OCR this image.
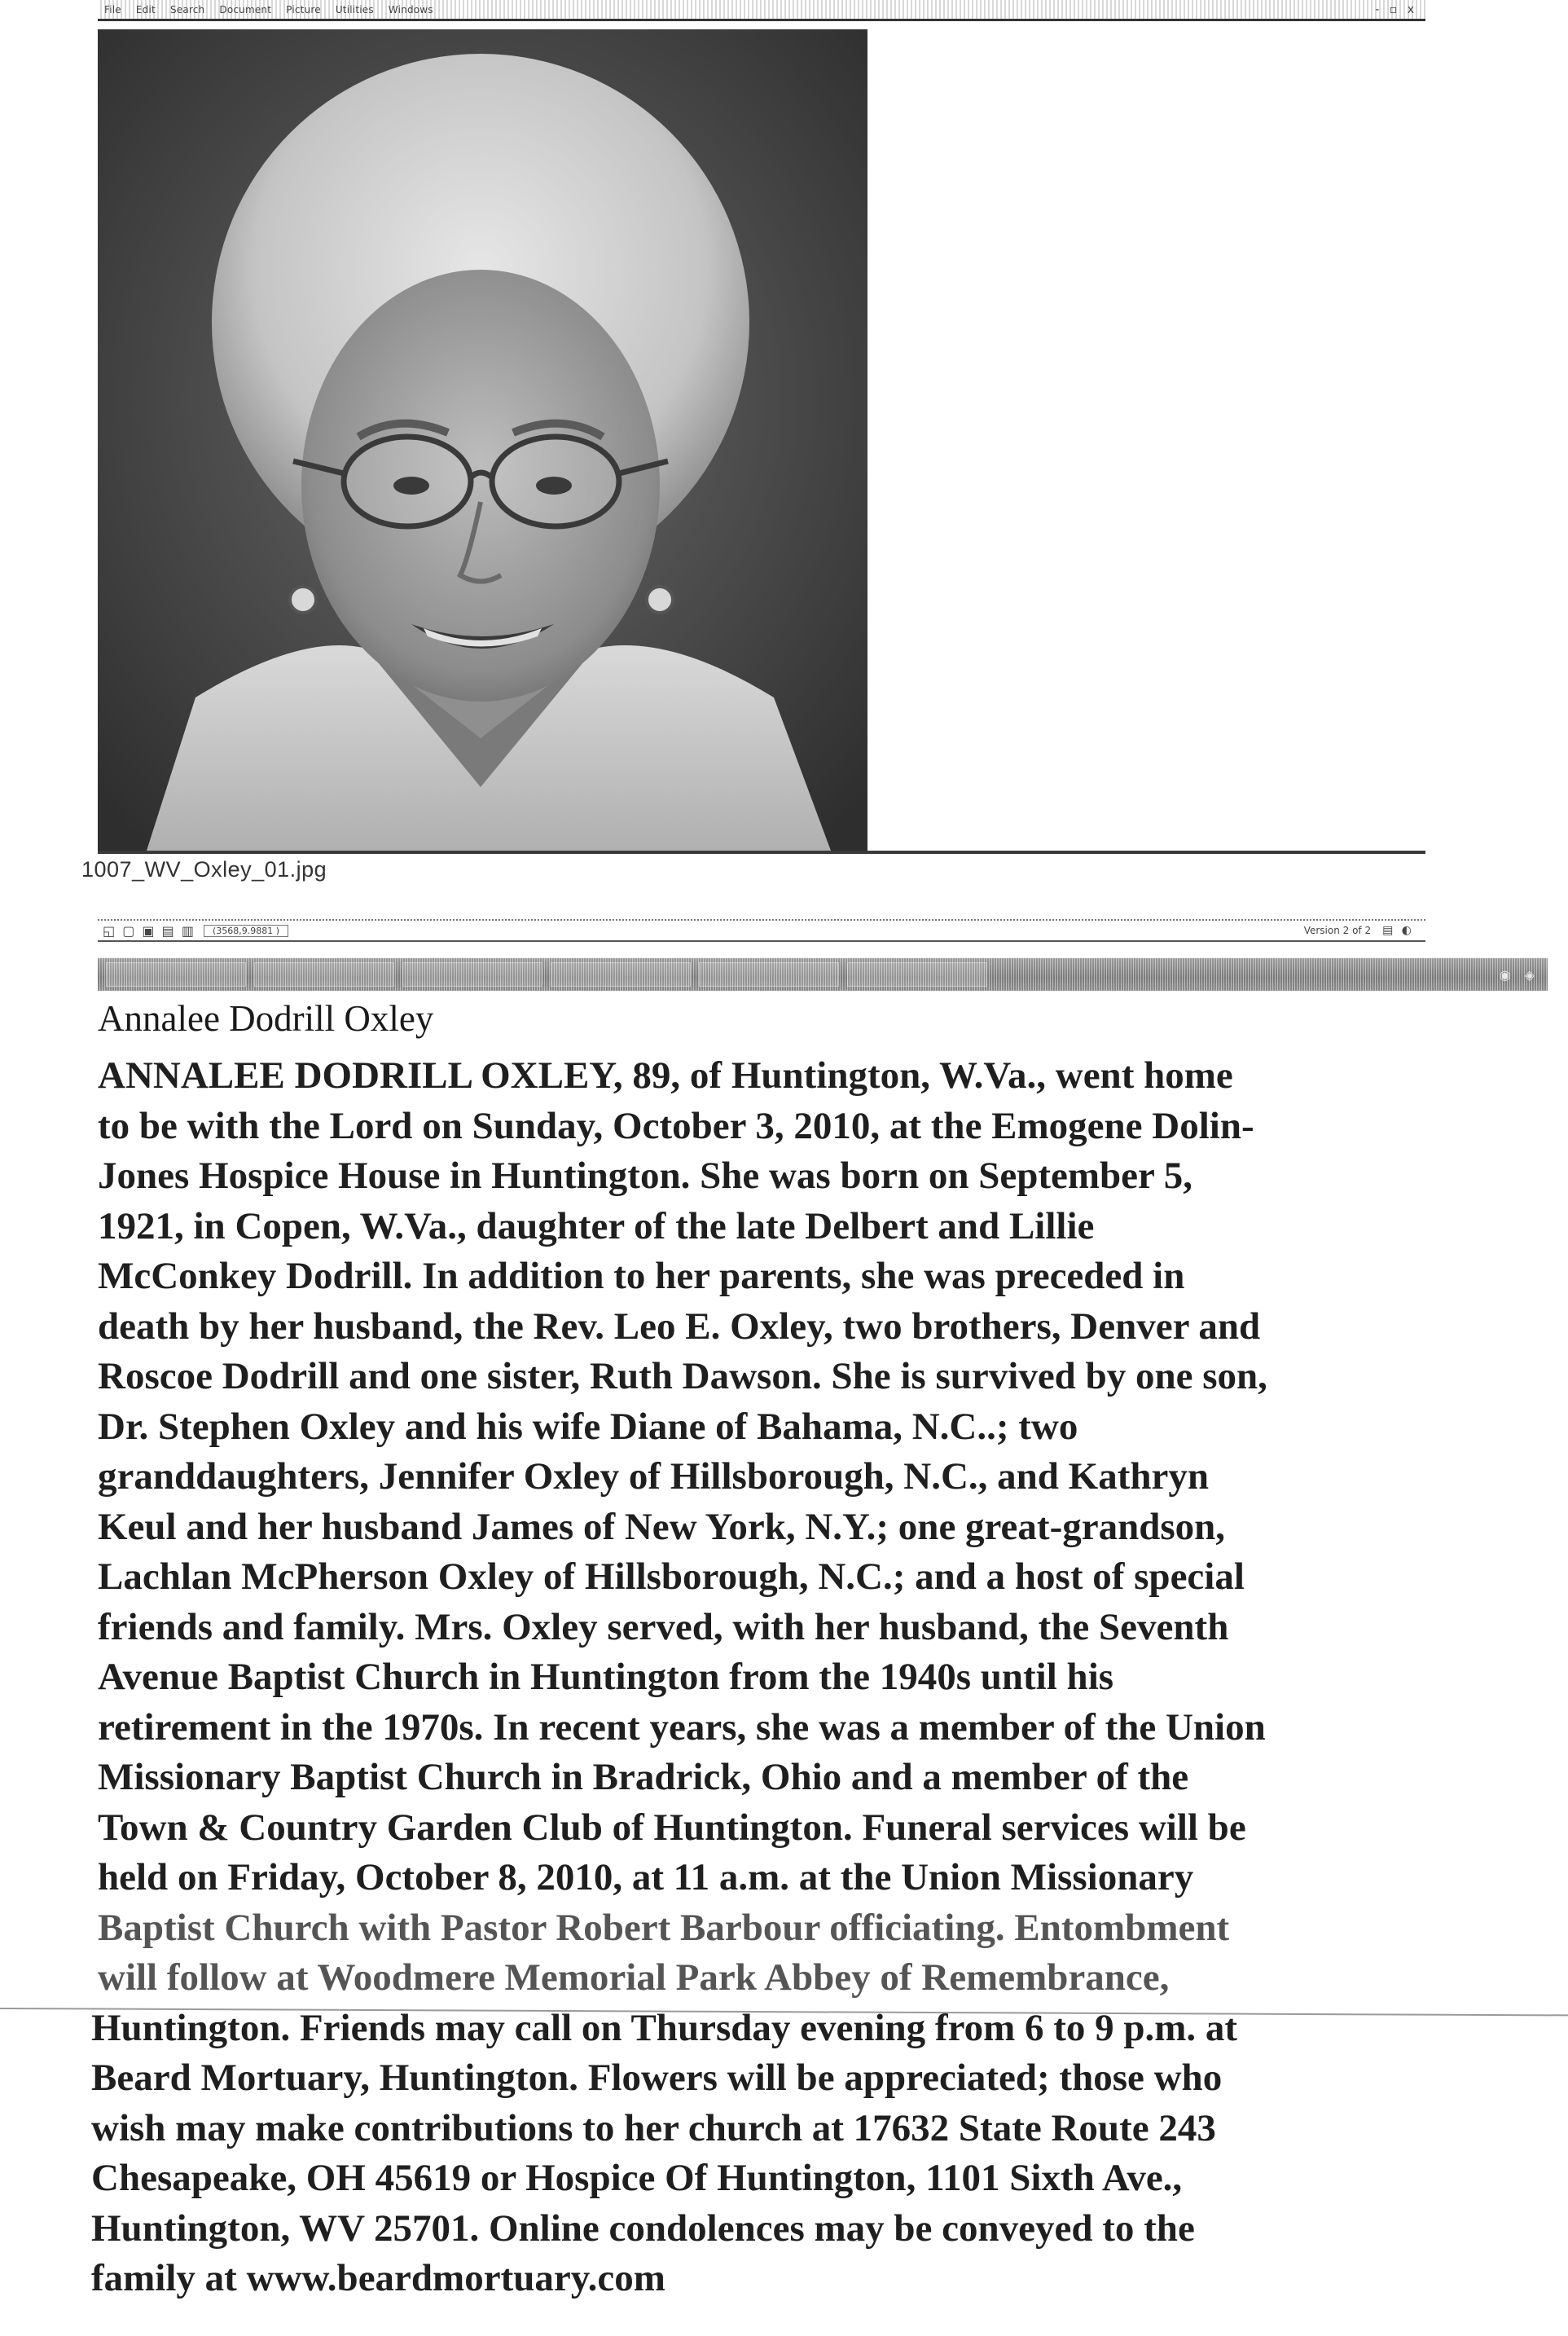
File Edit Search Document Picture Utilities Windows	- ▫ x
1007_WV_Oxley_01.jpg
◱ ▢ ▣ ▤ ▥	(3568,9.9881 )	Version 2 of 2 ▤ ◐
◉ ◈
Annalee Dodrill Oxley
ANNALEE DODRILL OXLEY, 89, of Huntington, W.Va., went home
to be with the Lord on Sunday, October 3, 2010, at the Emogene Dolin-
Jones Hospice House in Huntington. She was born on September 5,
1921, in Copen, W.Va., daughter of the late Delbert and Lillie
McConkey Dodrill. In addition to her parents, she was preceded in
death by her husband, the Rev. Leo E. Oxley, two brothers, Denver and
Roscoe Dodrill and one sister, Ruth Dawson. She is survived by one son,
Dr. Stephen Oxley and his wife Diane of Bahama, N.C..; two
granddaughters, Jennifer Oxley of Hillsborough, N.C., and Kathryn
Keul and her husband James of New York, N.Y.; one great-grandson,
Lachlan McPherson Oxley of Hillsborough, N.C.; and a host of special
friends and family. Mrs. Oxley served, with her husband, the Seventh
Avenue Baptist Church in Huntington from the 1940s until his
retirement in the 1970s. In recent years, she was a member of the Union
Missionary Baptist Church in Bradrick, Ohio and a member of the
Town & Country Garden Club of Huntington. Funeral services will be
held on Friday, October 8, 2010, at 11 a.m. at the Union Missionary
Baptist Church with Pastor Robert Barbour officiating. Entombment
will follow at Woodmere Memorial Park Abbey of Remembrance,
Huntington. Friends may call on Thursday evening from 6 to 9 p.m. at
Beard Mortuary, Huntington. Flowers will be appreciated; those who
wish may make contributions to her church at 17632 State Route 243
Chesapeake, OH 45619 or Hospice Of Huntington, 1101 Sixth Ave.,
Huntington, WV 25701. Online condolences may be conveyed to the
family at www.beardmortuary.com
